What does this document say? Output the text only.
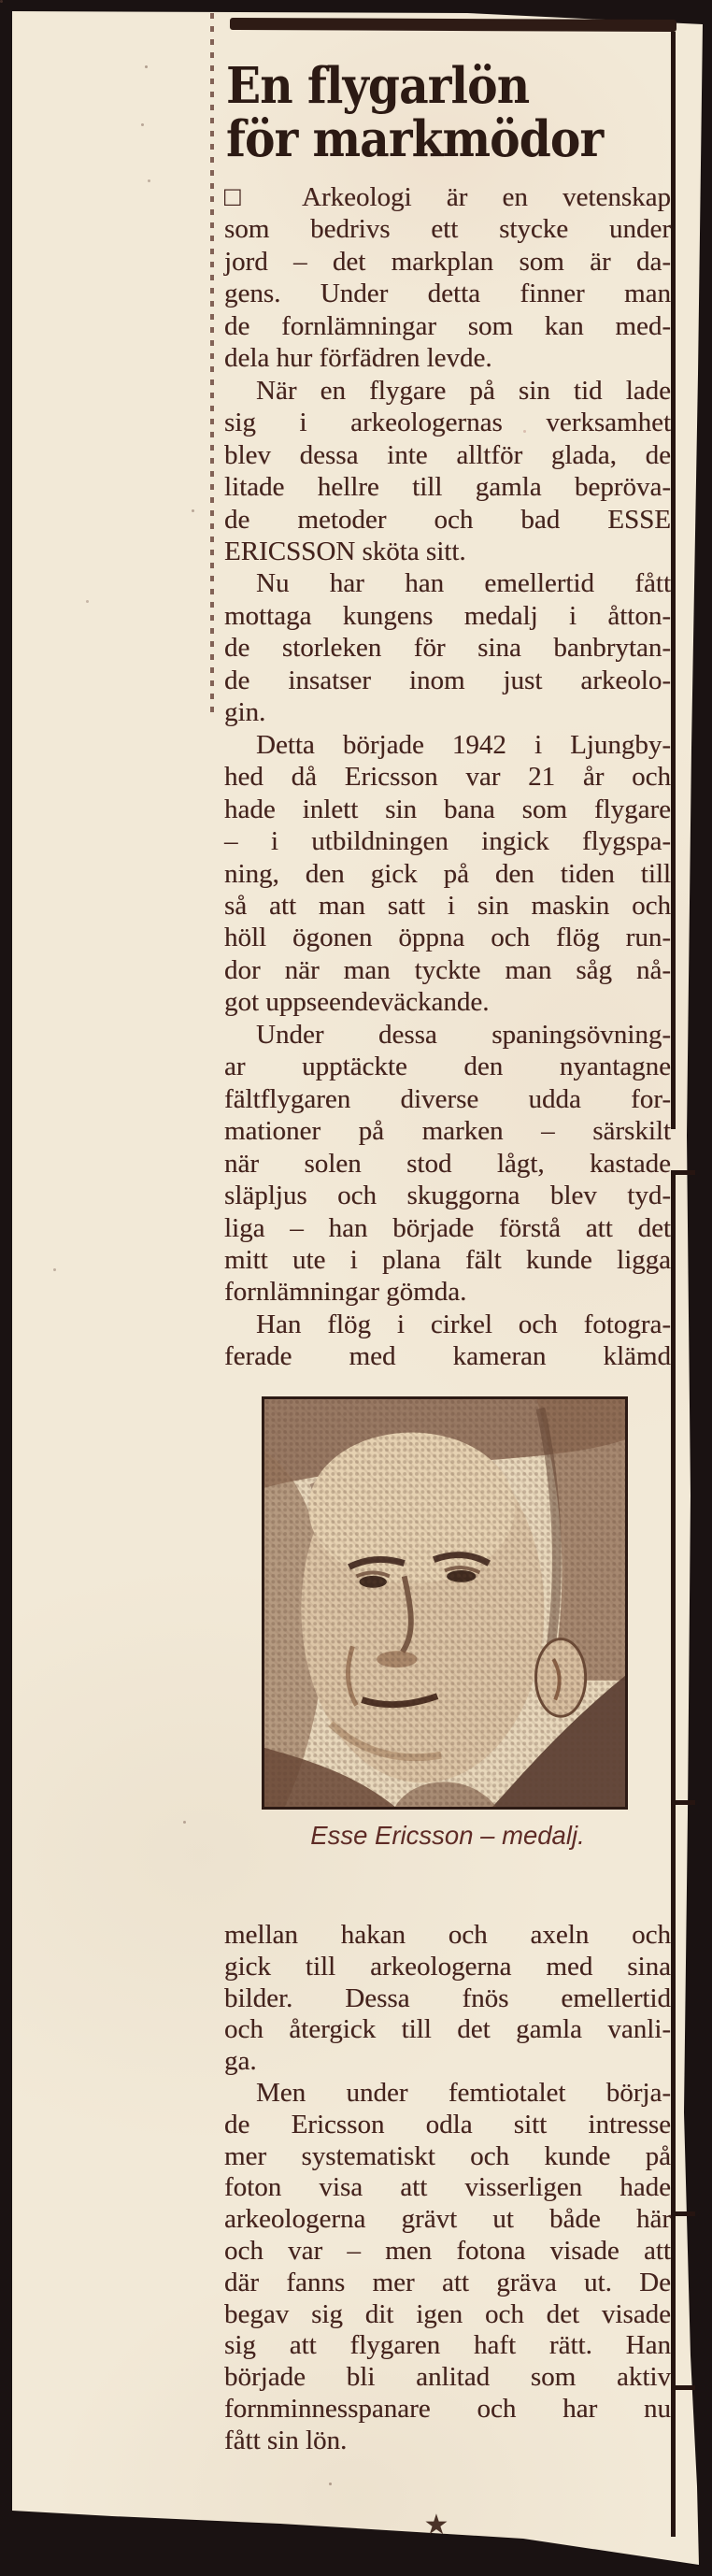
En flygarlön
för markmödor
□ Arkeologi är en vetenskap
som bedrivs ett stycke under
jord – det markplan som är da-
gens. Under detta finner man
de fornlämningar som kan med-
dela hur förfädren levde.
När en flygare på sin tid lade
sig i arkeologernas verksamhet
blev dessa inte alltför glada, de
litade hellre till gamla bepröva-
de metoder och bad ESSE
ERICSSON sköta sitt.
Nu har han emellertid fått
mottaga kungens medalj i åtton-
de storleken för sina banbrytan-
de insatser inom just arkeolo-
gin.
Detta började 1942 i Ljungby-
hed då Ericsson var 21 år och
hade inlett sin bana som flygare
– i utbildningen ingick flygspa-
ning, den gick på den tiden till
så att man satt i sin maskin och
höll ögonen öppna och flög run-
dor när man tyckte man såg nå-
got uppseendeväckande.
Under dessa spaningsövning-
ar upptäckte den nyantagne
fältflygaren diverse udda for-
mationer på marken – särskilt
när solen stod lågt, kastade
släpljus och skuggorna blev tyd-
liga – han började förstå att det
mitt ute i plana fält kunde ligga
fornlämningar gömda.
Han flög i cirkel och fotogra-
ferade med kameran klämd
Esse Ericsson – medalj.
mellan hakan och axeln och
gick till arkeologerna med sina
bilder. Dessa fnös emellertid
och återgick till det gamla vanli-
ga.
Men under femtiotalet börja-
de Ericsson odla sitt intresse
mer systematiskt och kunde på
foton visa att visserligen hade
arkeologerna grävt ut både här
och var – men fotona visade att
där fanns mer att gräva ut. De
begav sig dit igen och det visade
sig att flygaren haft rätt. Han
började bli anlitad som aktiv
fornminnesspanare och har nu
fått sin lön.
★
